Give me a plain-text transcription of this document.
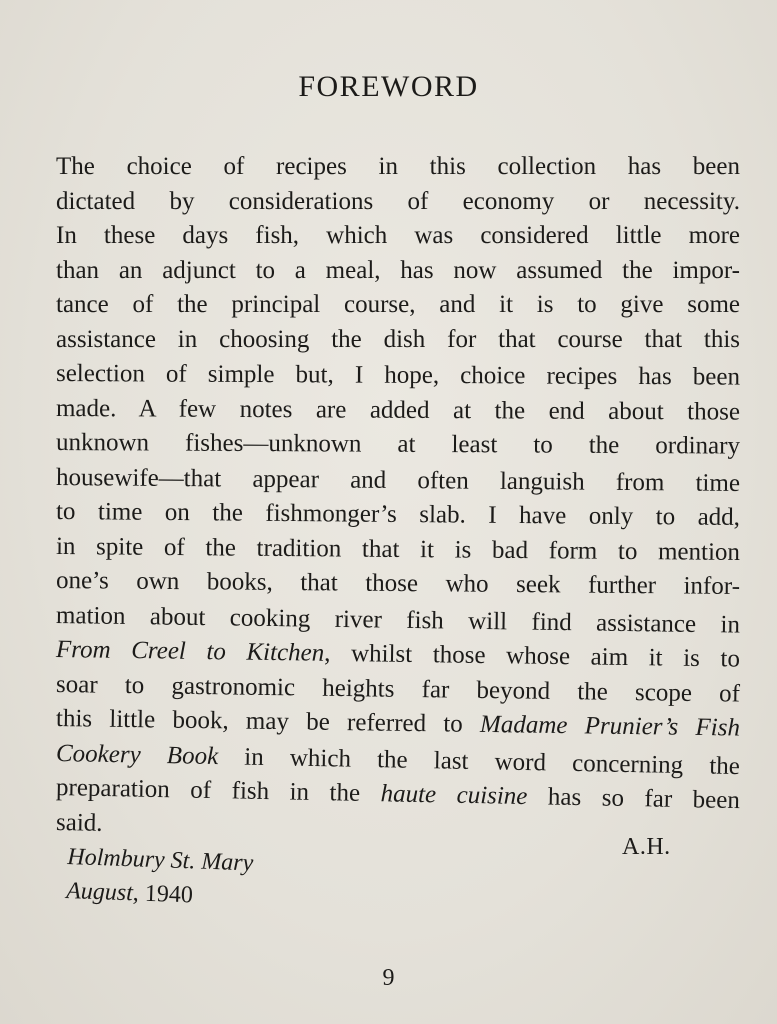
FOREWORD
The choice of recipes in this collection has been
dictated by considerations of economy or necessity.
In these days fish, which was considered little more
than an adjunct to a meal, has now assumed the impor-
tance of the principal course, and it is to give some
assistance in choosing the dish for that course that this
selection of simple but, I hope, choice recipes has been
made. A few notes are added at the end about those
unknown fishes—unknown at least to the ordinary
housewife—that appear and often languish from time
to time on the fishmonger’s slab. I have only to add,
in spite of the tradition that it is bad form to mention
one’s own books, that those who seek further infor-
mation about cooking river fish will find assistance in
From Creel to Kitchen, whilst those whose aim it is to
soar to gastronomic heights far beyond the scope of
this little book, may be referred to Madame Prunier’s Fish
Cookery Book in which the last word concerning the
preparation of fish in the haute cuisine has so far been
said.
A.H.
Holmbury St. Mary
August, 1940
9
